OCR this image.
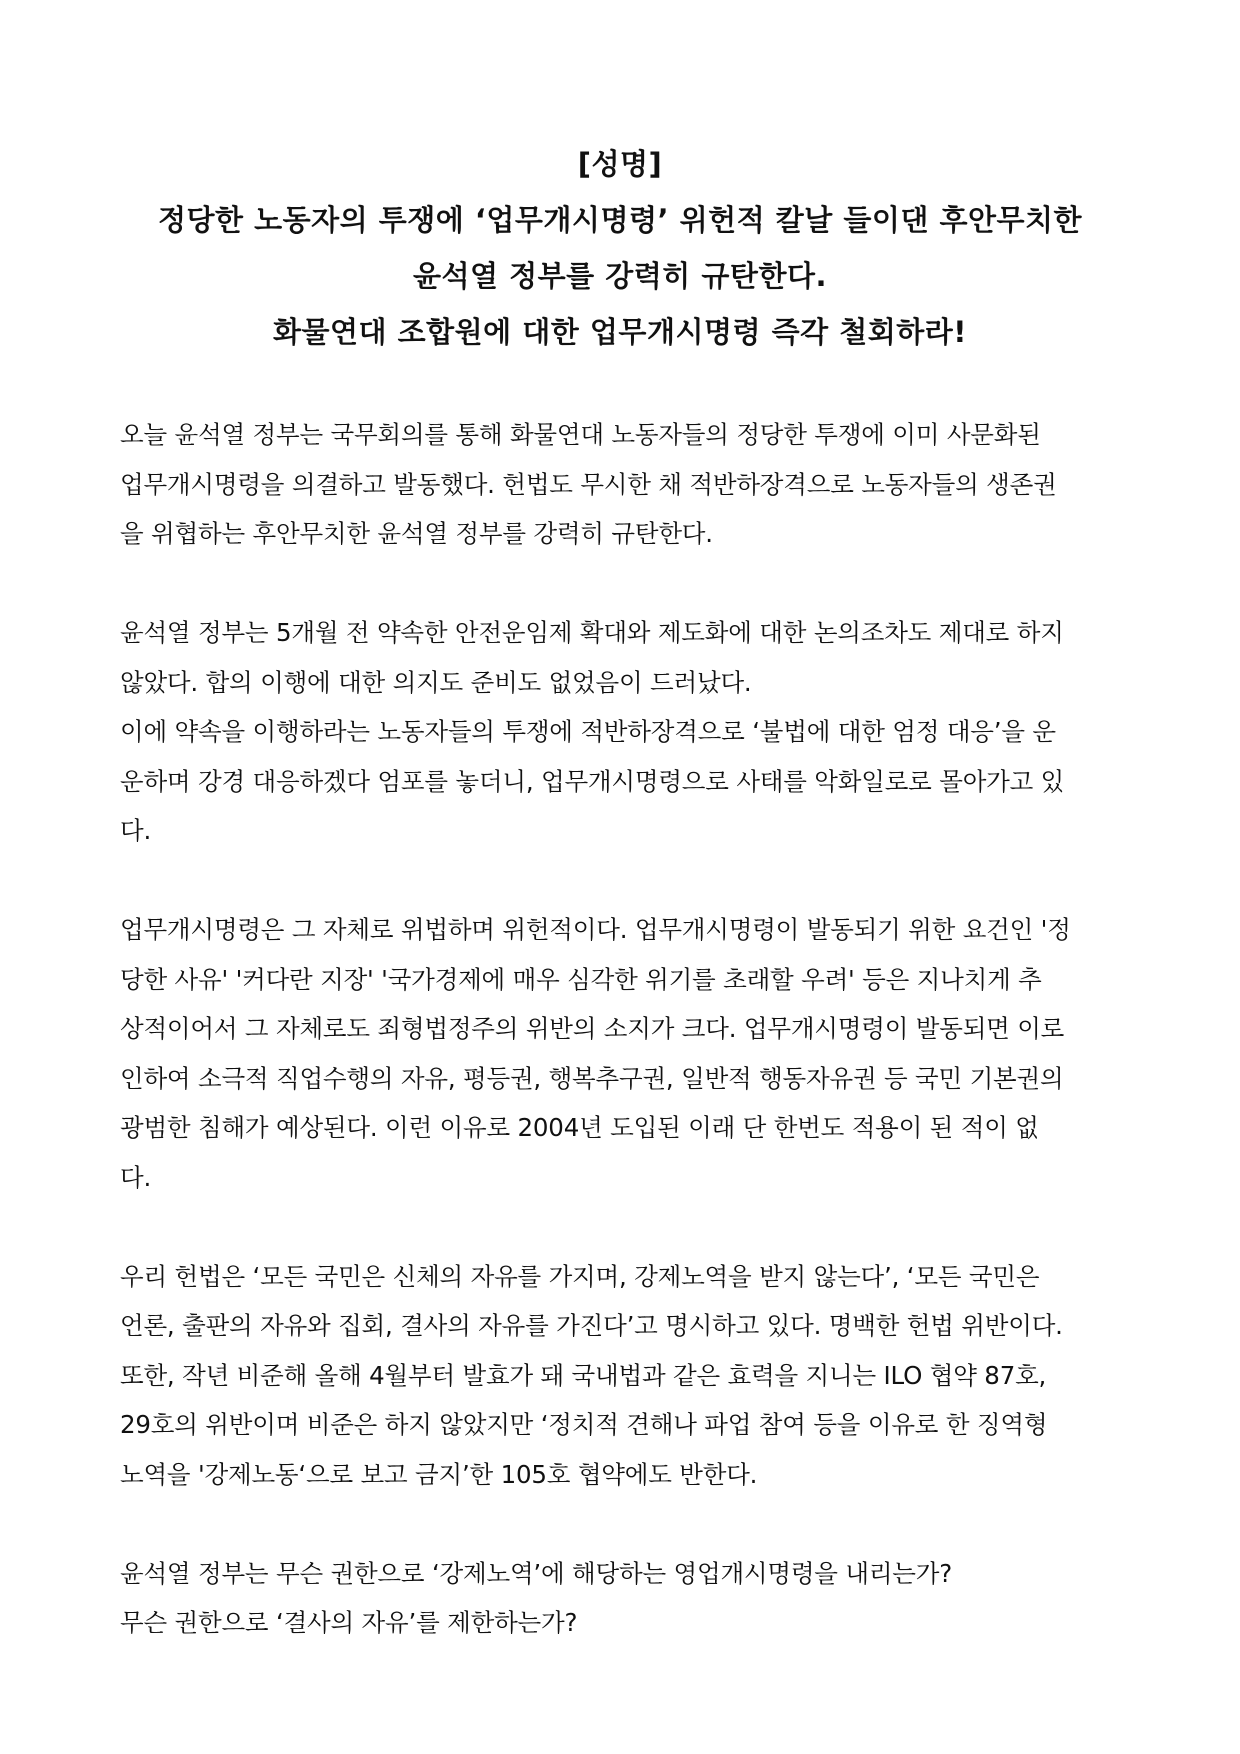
[성명]
정당한 노동자의 투쟁에 ‘업무개시명령’ 위헌적 칼날 들이댄 후안무치한
윤석열 정부를 강력히 규탄한다.
화물연대 조합원에 대한 업무개시명령 즉각 철회하라!
오늘 윤석열 정부는 국무회의를 통해 화물연대 노동자들의 정당한 투쟁에 이미 사문화된
업무개시명령을 의결하고 발동했다. 헌법도 무시한 채 적반하장격으로 노동자들의 생존권
을 위협하는 후안무치한 윤석열 정부를 강력히 규탄한다.
윤석열 정부는 5개월 전 약속한 안전운임제 확대와 제도화에 대한 논의조차도 제대로 하지
않았다. 합의 이행에 대한 의지도 준비도 없었음이 드러났다.
이에 약속을 이행하라는 노동자들의 투쟁에 적반하장격으로 ‘불법에 대한 엄정 대응’을 운
운하며 강경 대응하겠다 엄포를 놓더니, 업무개시명령으로 사태를 악화일로로 몰아가고 있
다.
업무개시명령은 그 자체로 위법하며 위헌적이다. 업무개시명령이 발동되기 위한 요건인 '정
당한 사유' '커다란 지장' '국가경제에 매우 심각한 위기를 초래할 우려' 등은 지나치게 추
상적이어서 그 자체로도 죄형법정주의 위반의 소지가 크다. 업무개시명령이 발동되면 이로
인하여 소극적 직업수행의 자유, 평등권, 행복추구권, 일반적 행동자유권 등 국민 기본권의
광범한 침해가 예상된다. 이런 이유로 2004년 도입된 이래 단 한번도 적용이 된 적이 없
다.
우리 헌법은 ‘모든 국민은 신체의 자유를 가지며, 강제노역을 받지 않는다’, ‘모든 국민은
언론, 출판의 자유와 집회, 결사의 자유를 가진다’고 명시하고 있다. 명백한 헌법 위반이다.
또한, 작년 비준해 올해 4월부터 발효가 돼 국내법과 같은 효력을 지니는 ILO 협약 87호,
29호의 위반이며 비준은 하지 않았지만 ‘정치적 견해나 파업 참여 등을 이유로 한 징역형
노역을 '강제노동‘으로 보고 금지’한 105호 협약에도 반한다.
윤석열 정부는 무슨 권한으로 ‘강제노역’에 해당하는 영업개시명령을 내리는가?
무슨 권한으로 ‘결사의 자유’를 제한하는가?
